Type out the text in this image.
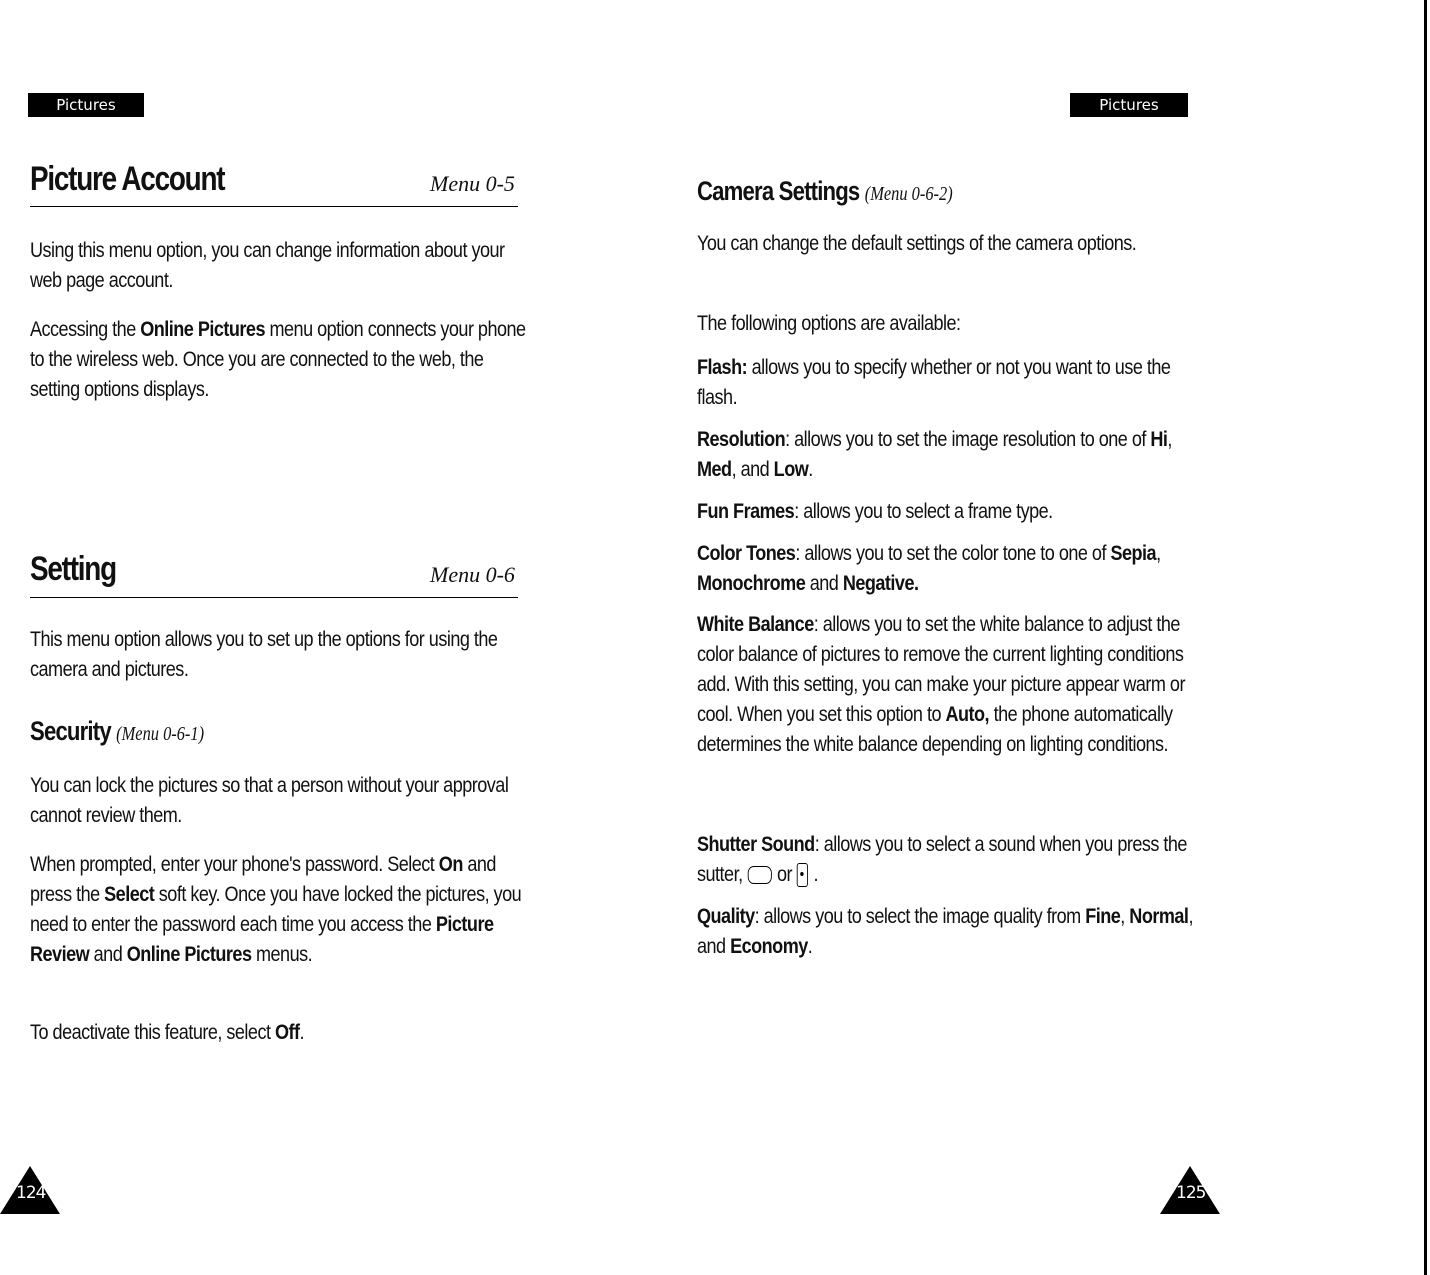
Pictures
Picture Account	Menu 0-5
Using this menu option, you can change information about your web page account.
Accessing the Online Pictures menu option connects your phone to the wireless web. Once you are connected to the web, the setting options displays.
Setting	Menu 0-6
This menu option allows you to set up the options for using the camera and pictures.
Security (Menu 0-6-1)
You can lock the pictures so that a person without your approval cannot review them.
When prompted, enter your phone's password. Select On and press the Select soft key. Once you have locked the pictures, you need to enter the password each time you access the Picture Review and Online Pictures menus.
To deactivate this feature, select Off.
124
Pictures
Camera Settings (Menu 0-6-2)
You can change the default settings of the camera options.
The following options are available:
Flash: allows you to specify whether or not you want to use the flash.
Resolution: allows you to set the image resolution to one of Hi, Med, and Low.
Fun Frames: allows you to select a frame type.
Color Tones: allows you to set the color tone to one of Sepia, Monochrome and Negative.
White Balance: allows you to set the white balance to adjust the color balance of pictures to remove the current lighting conditions add. With this setting, you can make your picture appear warm or cool. When you set this option to Auto, the phone automatically determines the white balance depending on lighting conditions.
Shutter Sound: allows you to select a sound when you press the sutter, or .
Quality: allows you to select the image quality from Fine, Normal, and Economy.
125
